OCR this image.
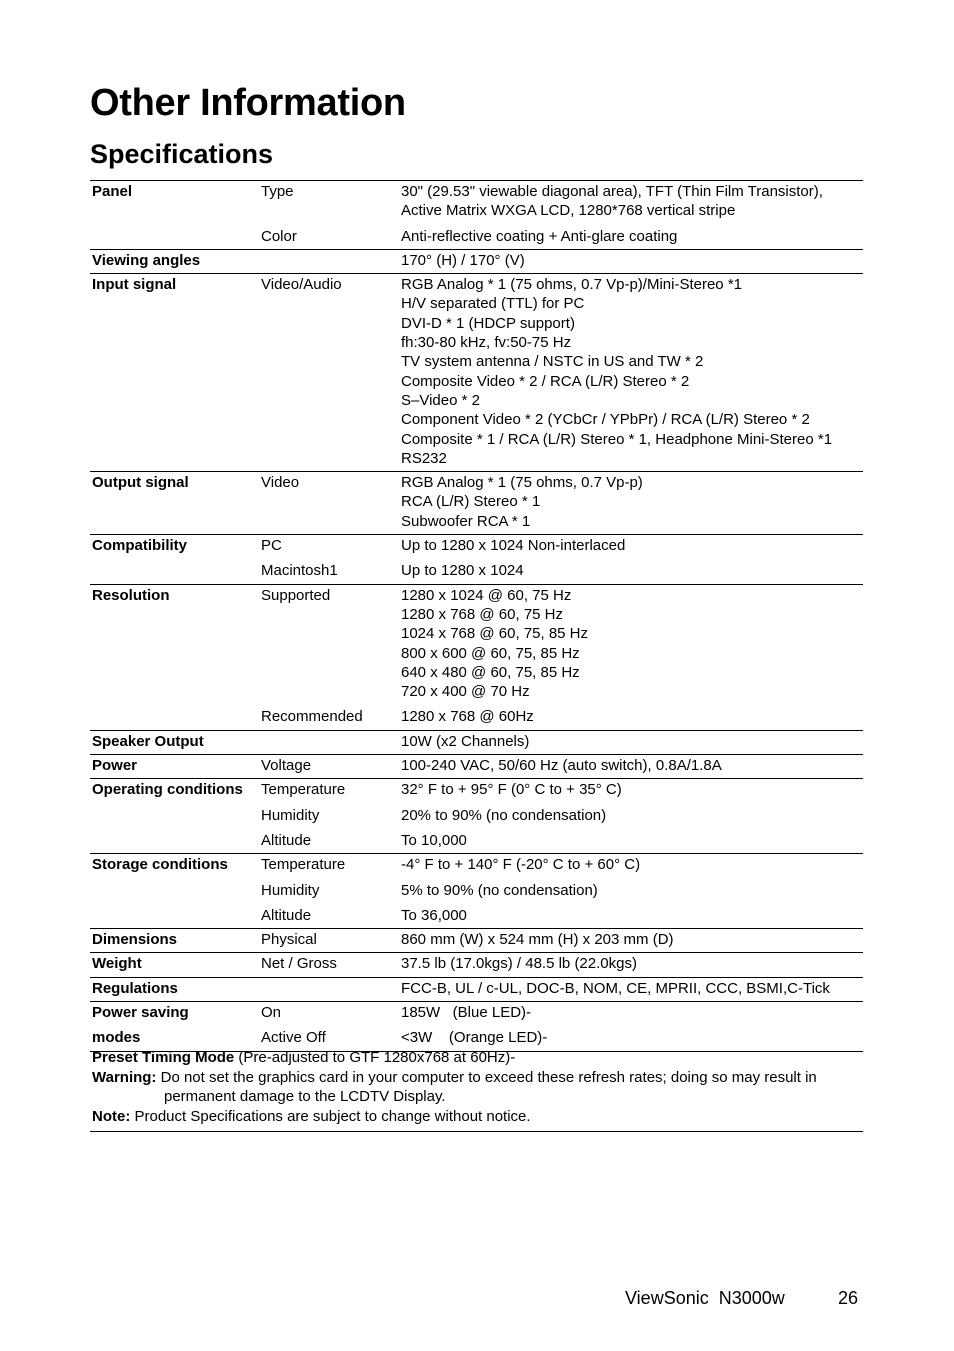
Other Information
Specifications
Panel	Type	30" (29.53" viewable diagonal area), TFT (Thin Film Transistor),
Active Matrix WXGA LCD, 1280*768 vertical stripe
Color	Anti-reflective coating + Anti-glare coating
Viewing angles	170° (H) / 170° (V)
Input signal	Video/Audio	RGB Analog * 1 (75 ohms, 0.7 Vp-p)/Mini-Stereo *1
H/V separated (TTL) for PC
DVI-D * 1 (HDCP support)
fh:30-80 kHz, fv:50-75 Hz
TV system antenna / NSTC in US and TW * 2
Composite Video * 2 / RCA (L/R) Stereo * 2
S–Video * 2
Component Video * 2 (YCbCr / YPbPr) / RCA (L/R) Stereo * 2
Composite * 1 / RCA (L/R) Stereo * 1, Headphone Mini-Stereo *1
RS232
Output signal	Video	RGB Analog * 1 (75 ohms, 0.7 Vp-p)
RCA (L/R) Stereo * 1
Subwoofer RCA * 1
Compatibility	PC	Up to 1280 x 1024 Non-interlaced
Macintosh1	Up to 1280 x 1024
Resolution	Supported	1280 x 1024 @ 60, 75 Hz
1280 x 768 @ 60, 75 Hz
1024 x 768 @ 60, 75, 85 Hz
800 x 600 @ 60, 75, 85 Hz
640 x 480 @ 60, 75, 85 Hz
720 x 400 @ 70 Hz
Recommended	1280 x 768 @ 60Hz
Speaker Output	10W (x2 Channels)
Power	Voltage	100-240 VAC, 50/60 Hz (auto switch), 0.8A/1.8A
Operating conditions	Temperature	32° F to + 95° F (0° C to + 35° C)
Humidity	20% to 90% (no condensation)
Altitude	To 10,000
Storage conditions	Temperature	-4° F to + 140° F (-20° C to + 60° C)
Humidity	5% to 90% (no condensation)
Altitude	To 36,000
Dimensions	Physical	860 mm (W) x 524 mm (H) x 203 mm (D)
Weight	Net / Gross	37.5 lb (17.0kgs) / 48.5 lb (22.0kgs)
Regulations	FCC-B, UL / c-UL, DOC-B, NOM, CE, MPRII, CCC, BSMI,C-Tick
Power saving	On	185W   (Blue LED)-
modes	Active Off	<3W    (Orange LED)-
Preset Timing Mode (Pre-adjusted to GTF 1280x768 at 60Hz)-
Warning: Do not set the graphics card in your computer to exceed these refresh rates; doing so may result in permanent damage to the LCDTV Display.
Note: Product Specifications are subject to change without notice.
ViewSonic  N3000w	26
